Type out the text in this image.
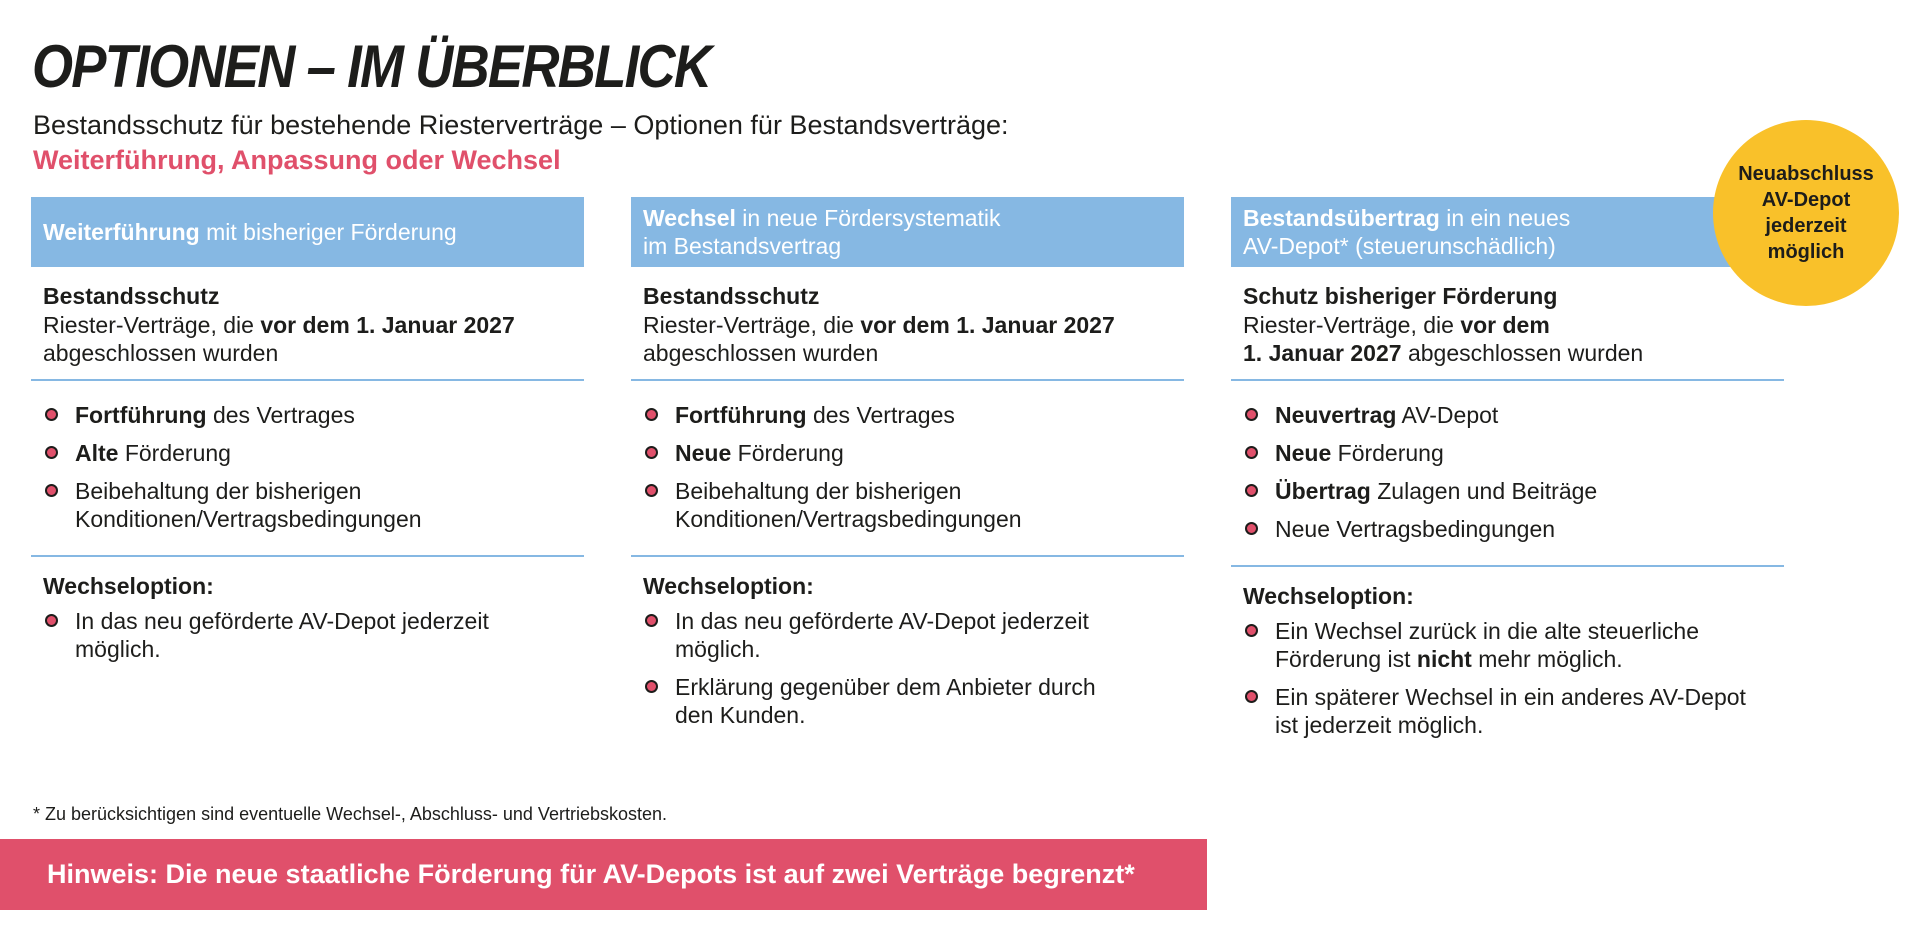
OPTIONEN – IM ÜBERBLICK
Bestandsschutz für bestehende Riesterverträge – Optionen für Bestandsverträge:
Weiterführung, Anpassung oder Wechsel
Weiterführung mit bisheriger Förderung
Bestandsschutz
Riester-Verträge, die vor dem 1. Januar 2027
abgeschlossen wurden
Fortführung des Vertrages
Alte Förderung
Beibehaltung der bisherigen
Konditionen/Vertragsbedingungen
Wechseloption:
In das neu geförderte AV-Depot jederzeit
möglich.
Wechsel in neue Fördersystematik
im Bestandsvertrag
Bestandsschutz
Riester-Verträge, die vor dem 1. Januar 2027
abgeschlossen wurden
Fortführung des Vertrages
Neue Förderung
Beibehaltung der bisherigen
Konditionen/Vertragsbedingungen
Wechseloption:
In das neu geförderte AV-Depot jederzeit
möglich.
Erklärung gegenüber dem Anbieter durch
den Kunden.
Bestandsübertrag in ein neues
AV-Depot* (steuerunschädlich)
Schutz bisheriger Förderung
Riester-Verträge, die vor dem
1. Januar 2027 abgeschlossen wurden
Neuvertrag AV-Depot
Neue Förderung
Übertrag Zulagen und Beiträge
Neue Vertragsbedingungen
Wechseloption:
Ein Wechsel zurück in die alte steuerliche
Förderung ist nicht mehr möglich.
Ein späterer Wechsel in ein anderes AV-Depot
ist jederzeit möglich.
Neuabschluss
AV-Depot
jederzeit
möglich
* Zu berücksichtigen sind eventuelle Wechsel-, Abschluss- und Vertriebskosten.
Hinweis: Die neue staatliche Förderung für AV-Depots ist auf zwei Verträge begrenzt*
